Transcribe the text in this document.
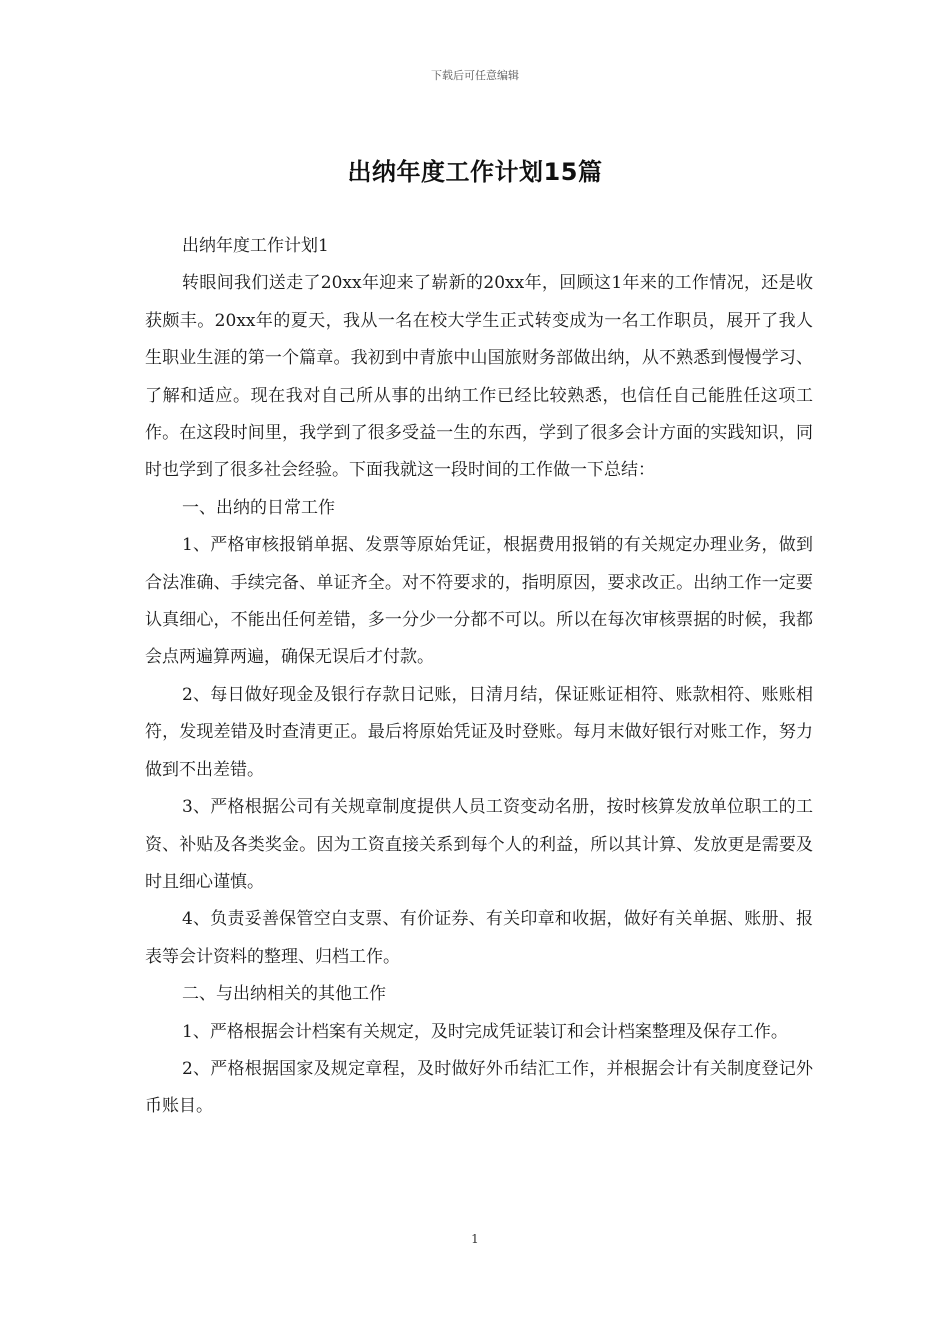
下载后可任意编辑
出纳年度工作计划15篇

出纳年度工作计划1

转眼间我们送走了20xx年迎来了崭新的20xx年，回顾这1年来的工作情况，还是收获颇丰。20xx年的夏天，我从一名在校大学生正式转变成为一名工作职员，展开了我人生职业生涯的第一个篇章。我初到中青旅中山国旅财务部做出纳，从不熟悉到慢慢学习、了解和适应。现在我对自己所从事的出纳工作已经比较熟悉，也信任自己能胜任这项工作。在这段时间里，我学到了很多受益一生的东西，学到了很多会计方面的实践知识，同时也学到了很多社会经验。下面我就这一段时间的工作做一下总结：

一、出纳的日常工作

1、严格审核报销单据、发票等原始凭证，根据费用报销的有关规定办理业务，做到合法准确、手续完备、单证齐全。对不符要求的，指明原因，要求改正。出纳工作一定要认真细心，不能出任何差错，多一分少一分都不可以。所以在每次审核票据的时候，我都会点两遍算两遍，确保无误后才付款。

2、每日做好现金及银行存款日记账，日清月结，保证账证相符、账款相符、账账相符，发现差错及时查清更正。最后将原始凭证及时登账。每月末做好银行对账工作，努力做到不出差错。

3、严格根据公司有关规章制度提供人员工资变动名册，按时核算发放单位职工的工资、补贴及各类奖金。因为工资直接关系到每个人的利益，所以其计算、发放更是需要及时且细心谨慎。

4、负责妥善保管空白支票、有价证券、有关印章和收据，做好有关单据、账册、报表等会计资料的整理、归档工作。

二、与出纳相关的其他工作

1、严格根据会计档案有关规定，及时完成凭证装订和会计档案整理及保存工作。

2、严格根据国家及规定章程，及时做好外币结汇工作，并根据会计有关制度登记外币账目。

1
